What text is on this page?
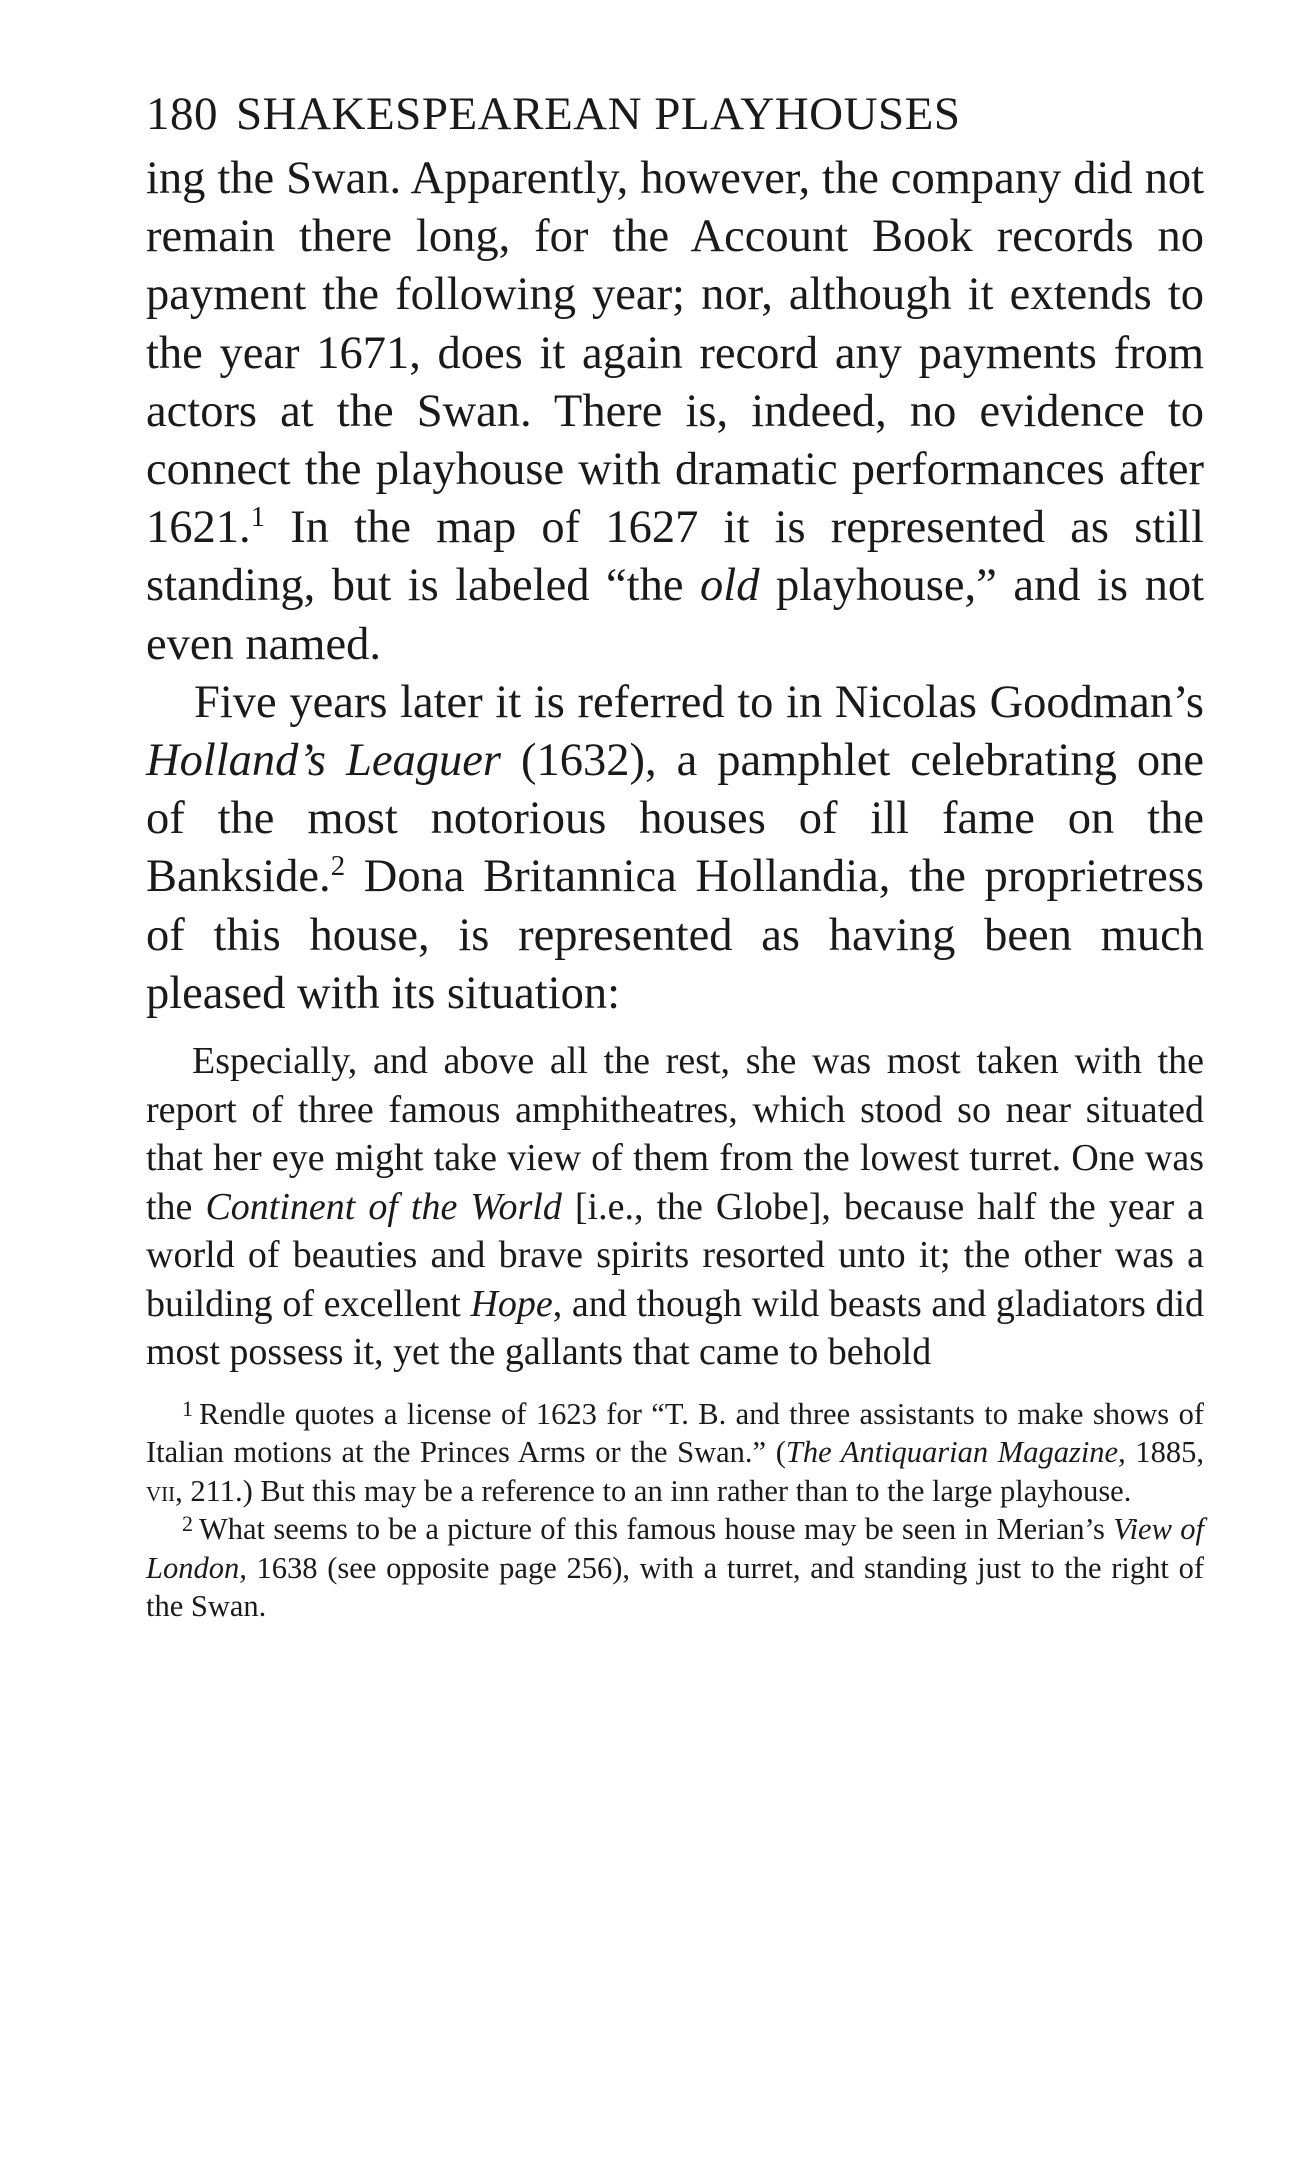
180 SHAKESPEAREAN PLAYHOUSES

ing the Swan. Apparently, however, the company did not remain there long, for the Account Book records no payment the following year; nor, although it extends to the year 1671, does it again record any payments from actors at the Swan. There is, indeed, no evidence to connect the playhouse with dramatic performances after 1621.$^1$ In the map of 1627 it is represented as still standing, but is labeled “the old playhouse,” and is not even named.

Five years later it is referred to in Nicolas Goodman’s Holland’s Leaguer (1632), a pamphlet celebrating one of the most notorious houses of ill fame on the Bankside.$^2$ Dona Britannica Hollandia, the proprietress of this house, is represented as having been much pleased with its situation:

Especially, and above all the rest, she was most taken with the report of three famous amphitheatres, which stood so near situated that her eye might take view of them from the lowest turret. One was the Continent of the World [i.e., the Globe], because half the year a world of beauties and brave spirits resorted unto it; the other was a building of excellent Hope, and though wild beasts and gladiators did most possess it, yet the gallants that came to behold

$^1$ Rendle quotes a license of 1623 for “T. B. and three assistants to make shows of Italian motions at the Princes Arms or the Swan.” (The Antiquarian Magazine, 1885, vii, 211.) But this may be a reference to an inn rather than to the large playhouse.

$^2$ What seems to be a picture of this famous house may be seen in Merian’s View of London, 1638 (see opposite page 256), with a turret, and standing just to the right of the Swan.
